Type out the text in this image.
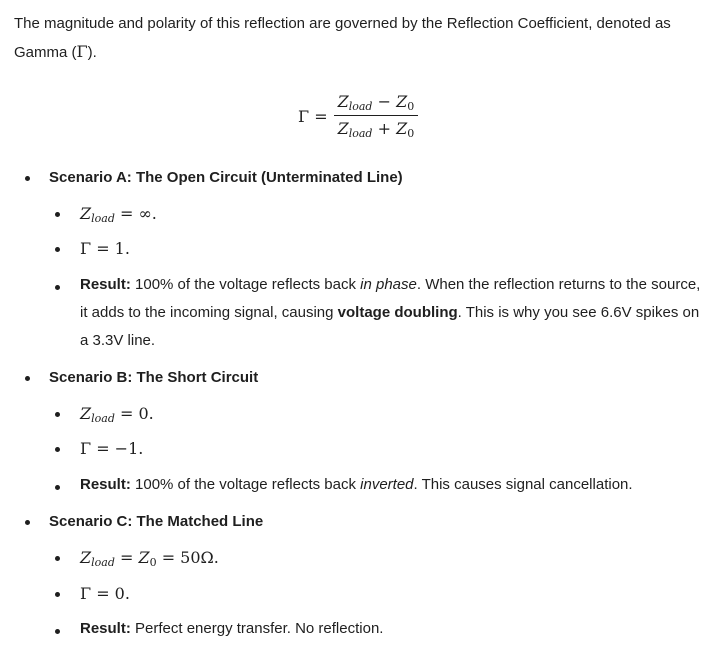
The magnitude and polarity of this reflection are governed by the Reflection Coefficient, denoted as Gamma (Γ).

$\Gamma = \frac{Z_{load} - Z_0}{Z_{load} + Z_0}$
Scenario A: The Open Circuit (Unterminated Line)
$Z_{load}$ = ∞.
Γ = 1.
Result: 100% of the voltage reflects back in phase. When the reflection returns to the source, it adds to the incoming signal, causing voltage doubling. This is why you see 6.6V spikes on a 3.3V line.
Scenario B: The Short Circuit
$Z_{load} = 0$.
Γ = −1.
Result: 100% of the voltage reflects back inverted. This causes signal cancellation.
Scenario C: The Matched Line
$Z_{load} = Z_0 = 50\Omega$.
Γ = 0.
Result: Perfect energy transfer. No reflection.
